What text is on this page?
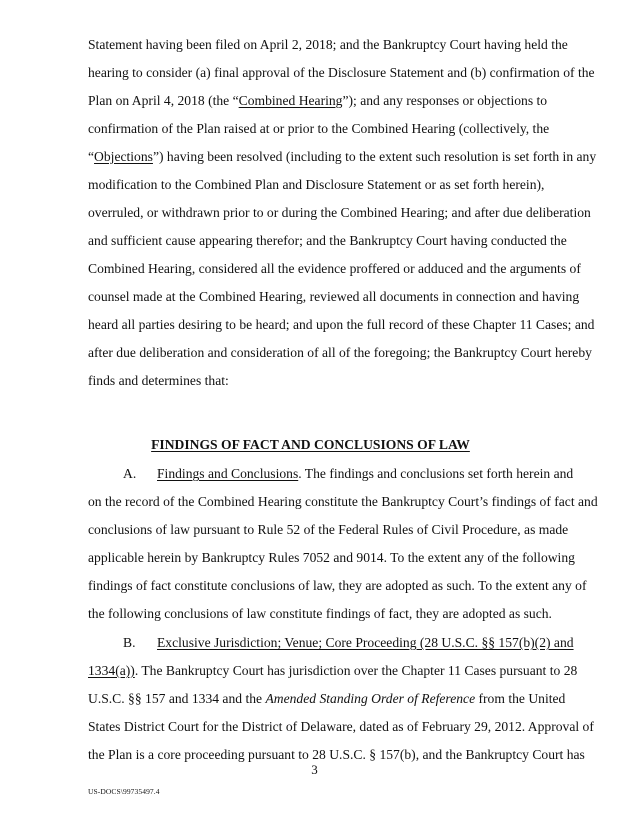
Statement having been filed on April 2, 2018; and the Bankruptcy Court having held the
hearing to consider (a) final approval of the Disclosure Statement and (b) confirmation of the
Plan on April 4, 2018 (the “Combined Hearing”); and any responses or objections to
confirmation of the Plan raised at or prior to the Combined Hearing (collectively, the
“Objections”) having been resolved (including to the extent such resolution is set forth in any
modification to the Combined Plan and Disclosure Statement or as set forth herein),
overruled, or withdrawn prior to or during the Combined Hearing; and after due deliberation
and sufficient cause appearing therefor; and the Bankruptcy Court having conducted the
Combined Hearing, considered all the evidence proffered or adduced and the arguments of
counsel made at the Combined Hearing, reviewed all documents in connection and having
heard all parties desiring to be heard; and upon the full record of these Chapter 11 Cases; and
after due deliberation and consideration of all of the foregoing; the Bankruptcy Court hereby
finds and determines that:
FINDINGS OF FACT AND CONCLUSIONS OF LAW
A. Findings and Conclusions. The findings and conclusions set forth herein and
on the record of the Combined Hearing constitute the Bankruptcy Court’s findings of fact and
conclusions of law pursuant to Rule 52 of the Federal Rules of Civil Procedure, as made
applicable herein by Bankruptcy Rules 7052 and 9014. To the extent any of the following
findings of fact constitute conclusions of law, they are adopted as such. To the extent any of
the following conclusions of law constitute findings of fact, they are adopted as such.
B. Exclusive Jurisdiction; Venue; Core Proceeding (28 U.S.C. §§ 157(b)(2) and
1334(a)). The Bankruptcy Court has jurisdiction over the Chapter 11 Cases pursuant to 28
U.S.C. §§ 157 and 1334 and the Amended Standing Order of Reference from the United
States District Court for the District of Delaware, dated as of February 29, 2012. Approval of
the Plan is a core proceeding pursuant to 28 U.S.C. § 157(b), and the Bankruptcy Court has
3
US-DOCS\99735497.4
